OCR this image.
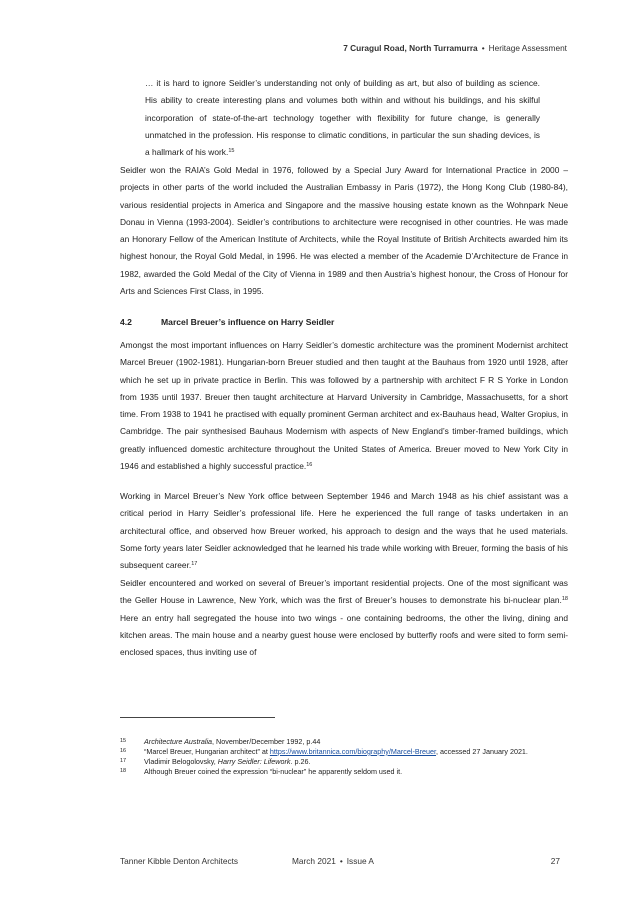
7 Curagul Road, North Turramurra • Heritage Assessment

… it is hard to ignore Seidler’s understanding not only of building as art, but also of building as science. His ability to create interesting plans and volumes both within and without his buildings, and his skilful incorporation of state-of-the-art technology together with flexibility for future change, is generally unmatched in the profession. His response to climatic conditions, in particular the sun shading devices, is a hallmark of his work.$^{15}$

Seidler won the RAIA’s Gold Medal in 1976, followed by a Special Jury Award for International Practice in 2000 – projects in other parts of the world included the Australian Embassy in Paris (1972), the Hong Kong Club (1980-84), various residential projects in America and Singapore and the massive housing estate known as the Wohnpark Neue Donau in Vienna (1993-2004). Seidler’s contributions to architecture were recognised in other countries. He was made an Honorary Fellow of the American Institute of Architects, while the Royal Institute of British Architects awarded him its highest honour, the Royal Gold Medal, in 1996. He was elected a member of the Academie D’Architecture de France in 1982, awarded the Gold Medal of the City of Vienna in 1989 and then Austria’s highest honour, the Cross of Honour for Arts and Sciences First Class, in 1995.

4.2	Marcel Breuer’s influence on Harry Seidler

Amongst the most important influences on Harry Seidler’s domestic architecture was the prominent Modernist architect Marcel Breuer (1902-1981). Hungarian-born Breuer studied and then taught at the Bauhaus from 1920 until 1928, after which he set up in private practice in Berlin. This was followed by a partnership with architect F R S Yorke in London from 1935 until 1937. Breuer then taught architecture at Harvard University in Cambridge, Massachusetts, for a short time. From 1938 to 1941 he practised with equally prominent German architect and ex-Bauhaus head, Walter Gropius, in Cambridge. The pair synthesised Bauhaus Modernism with aspects of New England’s timber-framed buildings, which greatly influenced domestic architecture throughout the United States of America. Breuer moved to New York City in 1946 and established a highly successful practice.$^{16}$

Working in Marcel Breuer’s New York office between September 1946 and March 1948 as his chief assistant was a critical period in Harry Seidler’s professional life. Here he experienced the full range of tasks undertaken in an architectural office, and observed how Breuer worked, his approach to design and the ways that he used materials. Some forty years later Seidler acknowledged that he learned his trade while working with Breuer, forming the basis of his subsequent career.$^{17}$

Seidler encountered and worked on several of Breuer’s important residential projects. One of the most significant was the Geller House in Lawrence, New York, which was the first of Breuer’s houses to demonstrate his bi-nuclear plan.$^{18}$ Here an entry hall segregated the house into two wings - one containing bedrooms, the other the living, dining and kitchen areas. The main house and a nearby guest house were enclosed by butterfly roofs and were sited to form semi-enclosed spaces, thus inviting use of

15	Architecture Australia, November/December 1992, p.44
16	“Marcel Breuer, Hungarian architect” at https://www.britannica.com/biography/Marcel-Breuer, accessed 27 January 2021.
17	Vladimir Belogolovsky, Harry Seidler: Lifework. p.26.
18	Although Breuer coined the expression “bi-nuclear” he apparently seldom used it.
Tanner Kibble Denton Architects	March 2021 • Issue A	27
